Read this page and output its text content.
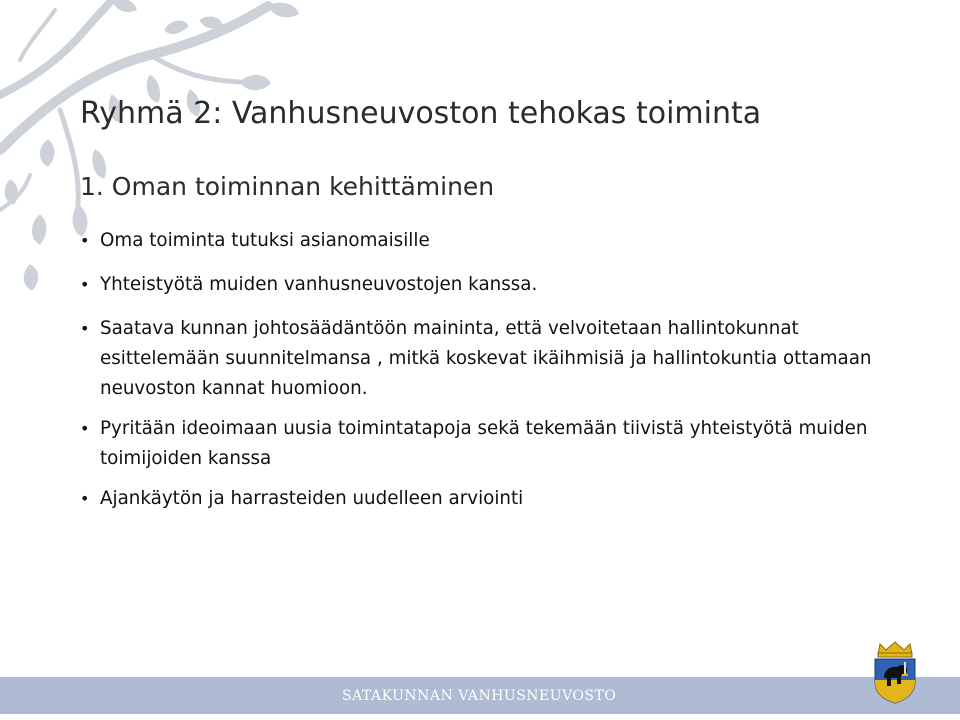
Ryhmä 2: Vanhusneuvoston tehokas toiminta
1. Oman toiminnan kehittäminen
• Oma toiminta tutuksi asianomaisille
• Yhteistyötä muiden vanhusneuvostojen kanssa.
• Saatava kunnan johtosäädäntöön maininta, että velvoitetaan hallintokunnat esittelemään suunnitelmansa , mitkä koskevat ikäihmisiä ja hallintokuntia ottamaan neuvoston kannat huomioon.
• Pyritään ideoimaan uusia toimintatapoja sekä tekemään tiivistä yhteistyötä muiden toimijoiden kanssa
• Ajankäytön ja harrasteiden uudelleen arviointi
SATAKUNNAN VANHUSNEUVOSTO
